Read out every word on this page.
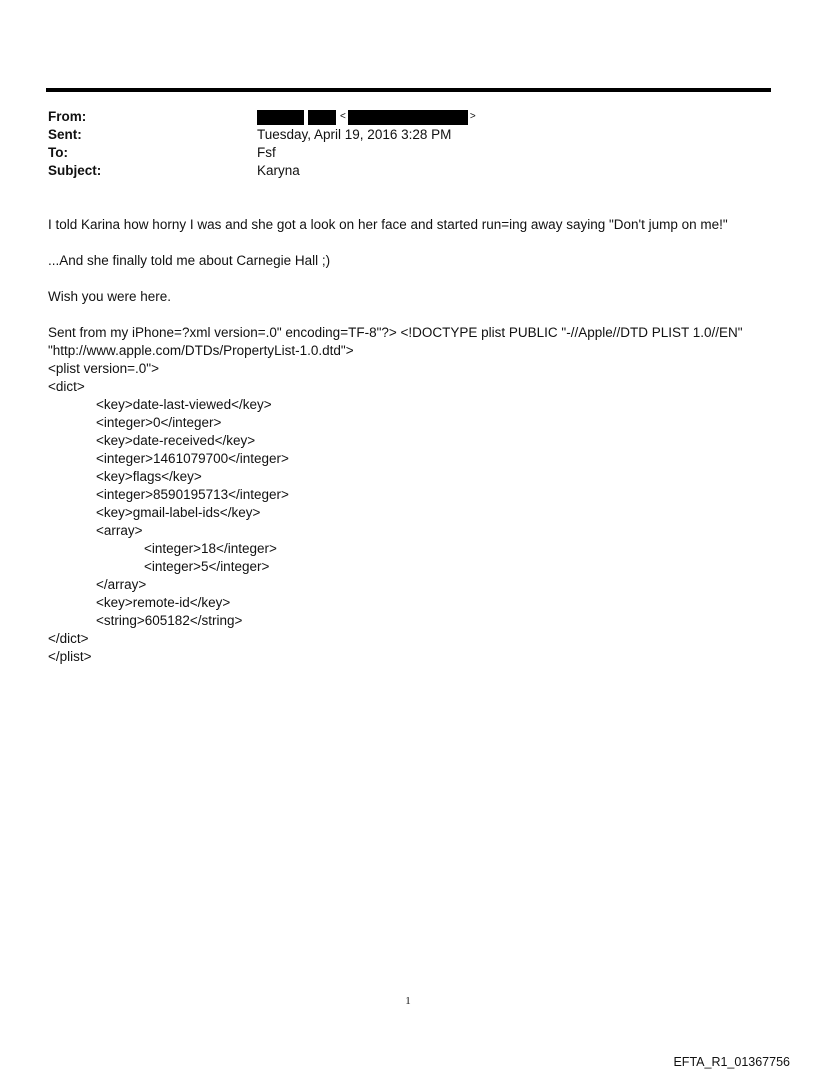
From:	<	>
Sent:	Tuesday, April 19, 2016 3:28 PM
To:	Fsf
Subject:	Karyna

I told Karina how horny I was and she got a look on her face and started run=ing away saying "Don't jump on me!"

...And she finally told me about Carnegie Hall ;)

Wish you were here.

Sent from my iPhone=?xml version=.0" encoding=TF-8"?> <!DOCTYPE plist PUBLIC "-//Apple//DTD PLIST 1.0//EN"
"http://www.apple.com/DTDs/PropertyList-1.0.dtd">
<plist version=.0">
<dict>
<key>date-last-viewed</key>
<integer>0</integer>
<key>date-received</key>
<integer>1461079700</integer>
<key>flags</key>
<integer>8590195713</integer>
<key>gmail-label-ids</key>
<array>
<integer>18</integer>
<integer>5</integer>
</array>
<key>remote-id</key>
<string>605182</string>
</dict>
</plist>
1
EFTA_R1_01367756
